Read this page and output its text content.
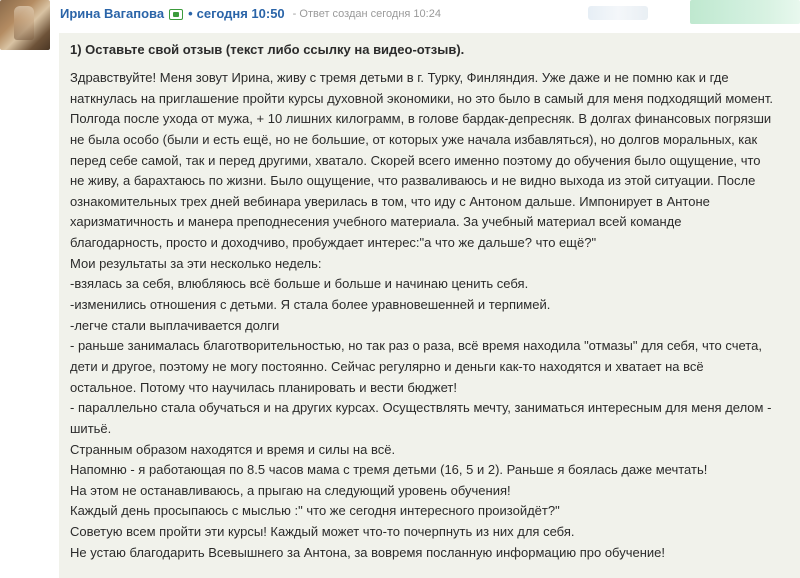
Ирина Вагапова • сегодня 10:50 - Ответ создан сегодня 10:24
1) Оставьте свой отзыв (текст либо ссылку на видео-отзыв).
Здравствуйте! Меня зовут Ирина, живу с тремя детьми в г. Турку, Финляндия. Уже даже и не помню как и где
наткнулась на приглашение пройти курсы духовной экономики, но это было в самый для меня подходящий момент.
Полгода после ухода от мужа, + 10 лишних килограмм, в голове бардак-депресняк. В долгах финансовых погрязши
не была особо (были и есть ещё, но не большие, от которых уже начала избавляться), но долгов моральных, как
перед себе самой, так и перед другими, хватало. Скорей всего именно поэтому до обучения было ощущение, что
не живу, а барахтаюсь по жизни. Было ощущение, что разваливаюсь и не видно выхода из этой ситуации. После
ознакомительных трех дней вебинара уверилась в том, что иду с Антоном дальше. Импонирует в Антоне
харизматичность и манера преподнесения учебного материала. За учебный материал всей команде
благодарность, просто и доходчиво, пробуждает интерес:"а что же дальше? что ещё?"
Мои результаты за эти несколько недель:
-взялась за себя, влюбляюсь всё больше и больше и начинаю ценить себя.
-изменились отношения с детьми. Я стала более уравновешенней и терпимей.
-легче стали выплачивается долги
- раньше занималась благотворительностью, но так раз о раза, всё время находила "отмазы" для себя, что счета,
дети и другое, поэтому не могу постоянно. Сейчас регулярно и деньги как-то находятся и хватает на всё
остальное. Потому что научилась планировать и вести бюджет!
- параллельно стала обучаться и на других курсах. Осуществлять мечту, заниматься интересным для меня делом -
шитьё.
Странным образом находятся и время и силы на всё.
Напомню - я работающая по 8.5 часов мама с тремя детьми (16, 5 и 2). Раньше я боялась даже мечтать!
На этом не останавливаюсь, а прыгаю на следующий уровень обучения!
Каждый день просыпаюсь с мыслью :" что же сегодня интересного произойдёт?"
Советую всем пройти эти курсы! Каждый может что-то почерпнуть из них для себя.
Не устаю благодарить Всевышнего за Антона, за вовремя посланную информацию про обучение!
